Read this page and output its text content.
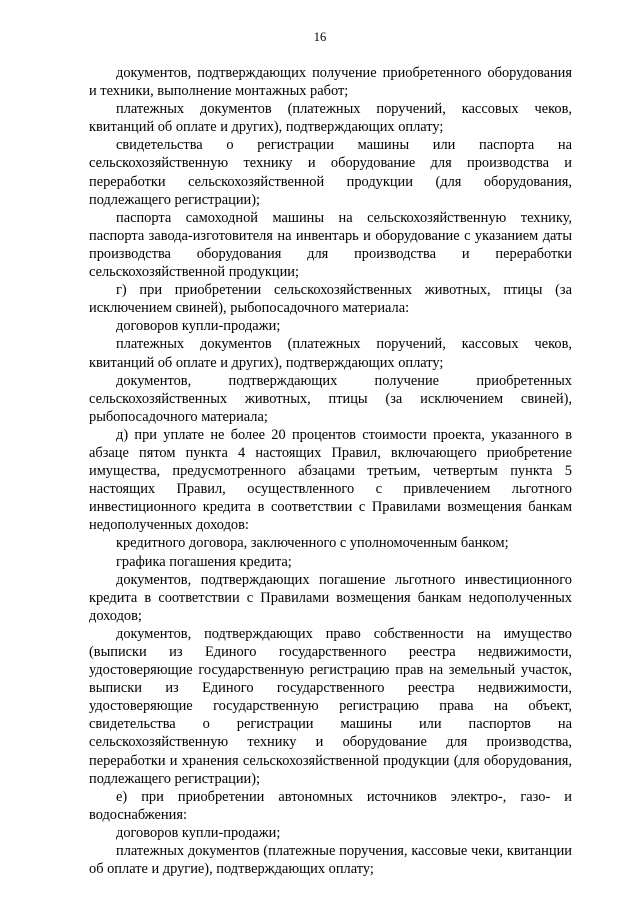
16

документов, подтверждающих получение приобретенного оборудования и техники, выполнение монтажных работ;

платежных документов (платежных поручений, кассовых чеков, квитанций об оплате и других), подтверждающих оплату;

свидетельства о регистрации машины или паспорта на сельскохозяйственную технику и оборудование для производства и переработки сельскохозяйственной продукции (для оборудования, подлежащего регистрации);

паспорта самоходной машины на сельскохозяйственную технику, паспорта завода-изготовителя на инвентарь и оборудование с указанием даты производства оборудования для производства и переработки сельскохозяйственной продукции;

г) при приобретении сельскохозяйственных животных, птицы (за исключением свиней), рыбопосадочного материала:

договоров купли-продажи;

платежных документов (платежных поручений, кассовых чеков, квитанций об оплате и других), подтверждающих оплату;

документов, подтверждающих получение приобретенных сельскохозяйственных животных, птицы (за исключением свиней), рыбопосадочного материала;

д) при уплате не более 20 процентов стоимости проекта, указанного в абзаце пятом пункта 4 настоящих Правил, включающего приобретение имущества, предусмотренного абзацами третьим, четвертым пункта 5 настоящих Правил, осуществленного с привлечением льготного инвестиционного кредита в соответствии с Правилами возмещения банкам недополученных доходов:

кредитного договора, заключенного с уполномоченным банком;

графика погашения кредита;

документов, подтверждающих погашение льготного инвестиционного кредита в соответствии с Правилами возмещения банкам недополученных доходов;

документов, подтверждающих право собственности на имущество (выписки из Единого государственного реестра недвижимости, удостоверяющие государственную регистрацию прав на земельный участок, выписки из Единого государственного реестра недвижимости, удостоверяющие государственную регистрацию права на объект, свидетельства о регистрации машины или паспортов на сельскохозяйственную технику и оборудование для производства, переработки и хранения сельскохозяйственной продукции (для оборудования, подлежащего регистрации);

е) при приобретении автономных источников электро-, газо- и водоснабжения:

договоров купли-продажи;

платежных документов (платежные поручения, кассовые чеки, квитанции об оплате и другие), подтверждающих оплату;
